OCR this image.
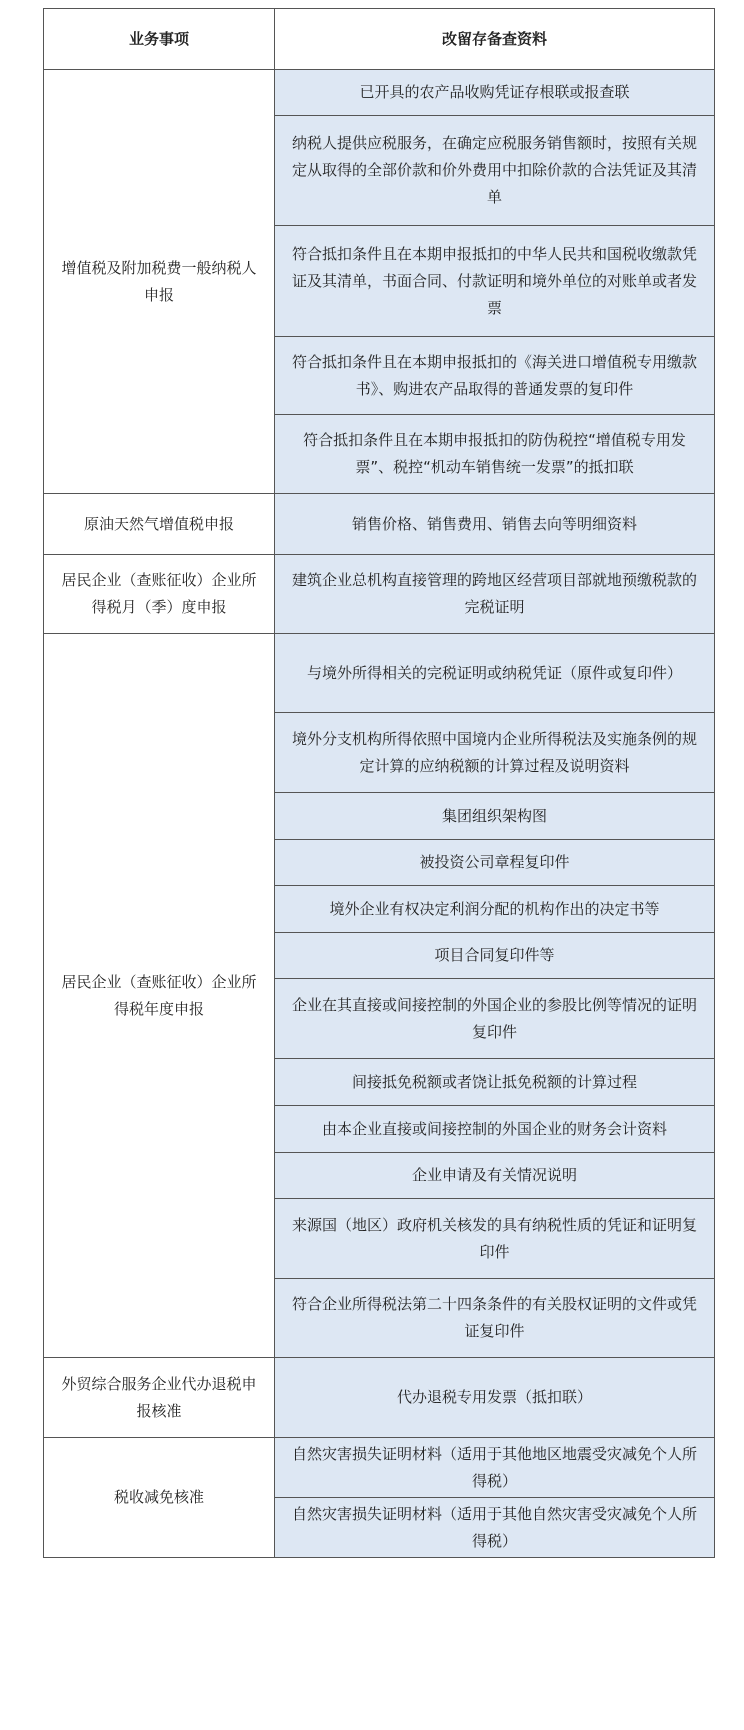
业务事项	改留存备查资料
增值税及附加税费一般纳税人申报	已开具的农产品收购凭证存根联或报查联
	纳税人提供应税服务，在确定应税服务销售额时，按照有关规定从取得的全部价款和价外费用中扣除价款的合法凭证及其清单
	符合抵扣条件且在本期申报抵扣的中华人民共和国税收缴款凭证及其清单，书面合同、付款证明和境外单位的对账单或者发票
	符合抵扣条件且在本期申报抵扣的《海关进口增值税专用缴款书》、购进农产品取得的普通发票的复印件
	符合抵扣条件且在本期申报抵扣的防伪税控“增值税专用发票”、税控“机动车销售统一发票”的抵扣联
原油天然气增值税申报	销售价格、销售费用、销售去向等明细资料
居民企业（查账征收）企业所得税月（季）度申报	建筑企业总机构直接管理的跨地区经营项目部就地预缴税款的完税证明
居民企业（查账征收）企业所得税年度申报	与境外所得相关的完税证明或纳税凭证（原件或复印件）
	境外分支机构所得依照中国境内企业所得税法及实施条例的规定计算的应纳税额的计算过程及说明资料
	集团组织架构图
	被投资公司章程复印件
	境外企业有权决定利润分配的机构作出的决定书等
	项目合同复印件等
	企业在其直接或间接控制的外国企业的参股比例等情况的证明复印件
	间接抵免税额或者饶让抵免税额的计算过程
	由本企业直接或间接控制的外国企业的财务会计资料
	企业申请及有关情况说明
	来源国（地区）政府机关核发的具有纳税性质的凭证和证明复印件
	符合企业所得税法第二十四条条件的有关股权证明的文件或凭证复印件
外贸综合服务企业代办退税申报核准	代办退税专用发票（抵扣联）
税收减免核准	自然灾害损失证明材料（适用于其他地区地震受灾减免个人所得税）
	自然灾害损失证明材料（适用于其他自然灾害受灾减免个人所得税）
